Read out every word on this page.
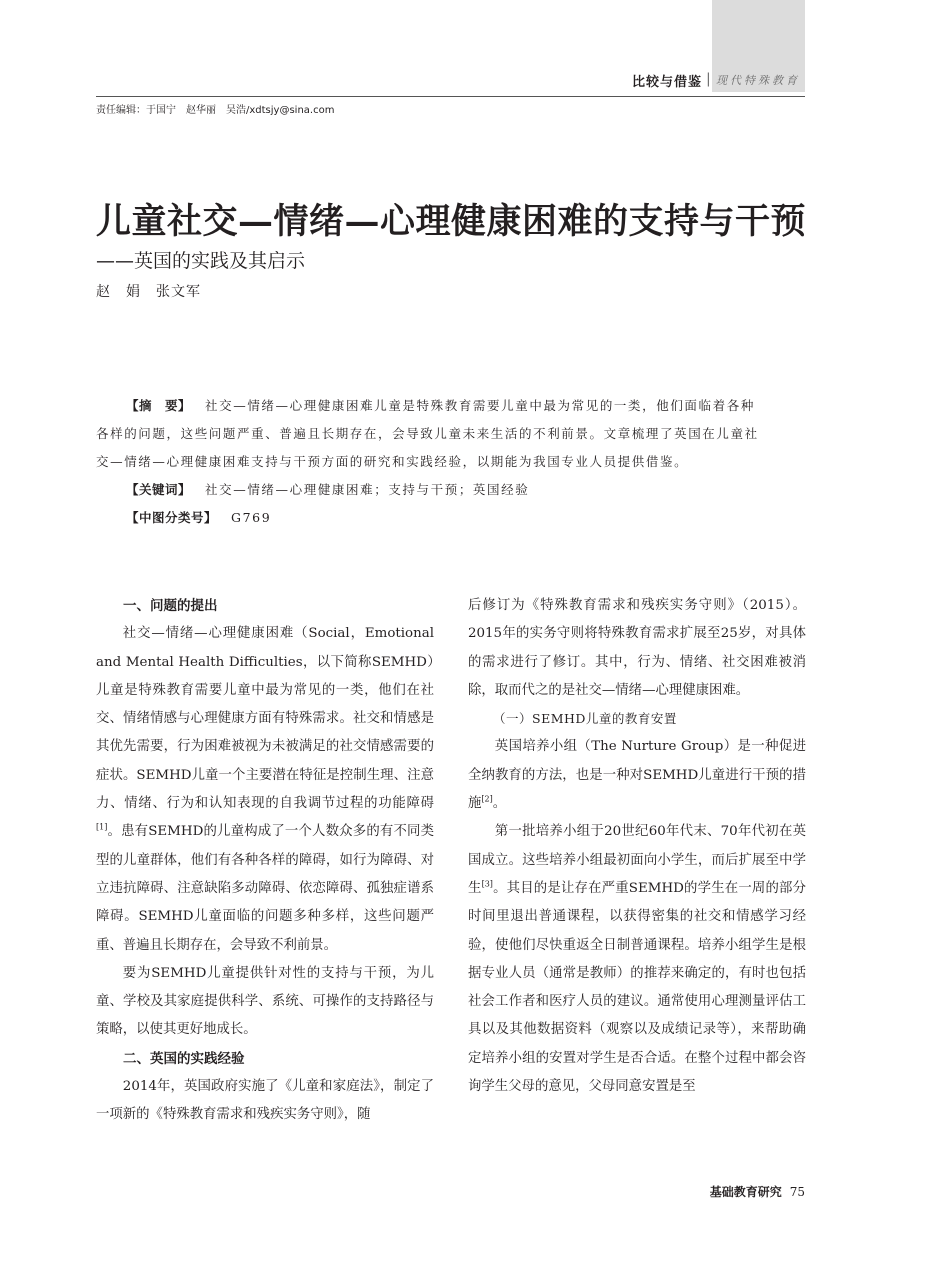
比较与借鉴 | 现代特殊教育
责任编辑：于国宁　赵华丽　吴浩/xdtsjy@sina.com
儿童社交—情绪—心理健康困难的支持与干预
——英国的实践及其启示
赵　娟　张文军
【摘　要】 社交—情绪—心理健康困难儿童是特殊教育需要儿童中最为常见的一类，他们面临着各种
各样的问题，这些问题严重、普遍且长期存在，会导致儿童未来生活的不利前景。文章梳理了英国在儿童社
交—情绪—心理健康困难支持与干预方面的研究和实践经验，以期能为我国专业人员提供借鉴。
【关键词】 社交—情绪—心理健康困难；支持与干预；英国经验
【中图分类号】 G769

一、问题的提出

社交—情绪—心理健康困难（Social，Emotional and Mental Health Difficulties，以下简称SEMHD）儿童是特殊教育需要儿童中最为常见的一类，他们在社交、情绪情感与心理健康方面有特殊需求。社交和情感是其优先需要，行为困难被视为未被满足的社交情感需要的症状。SEMHD儿童一个主要潜在特征是控制生理、注意力、情绪、行为和认知表现的自我调节过程的功能障碍[1]。患有SEMHD的儿童构成了一个人数众多的有不同类型的儿童群体，他们有各种各样的障碍，如行为障碍、对立违抗障碍、注意缺陷多动障碍、依恋障碍、孤独症谱系障碍。SEMHD儿童面临的问题多种多样，这些问题严重、普遍且长期存在，会导致不利前景。

要为SEMHD儿童提供针对性的支持与干预，为儿童、学校及其家庭提供科学、系统、可操作的支持路径与策略，以使其更好地成长。

二、英国的实践经验

2014年，英国政府实施了《儿童和家庭法》，制定了一项新的《特殊教育需求和残疾实务守则》，随

后修订为《特殊教育需求和残疾实务守则》（2015）。2015年的实务守则将特殊教育需求扩展至25岁，对具体的需求进行了修订。其中，行为、情绪、社交困难被消除，取而代之的是社交—情绪—心理健康困难。

（一）SEMHD儿童的教育安置

英国培养小组（The Nurture Group）是一种促进全纳教育的方法，也是一种对SEMHD儿童进行干预的措施[2]。

第一批培养小组于20世纪60年代末、70年代初在英国成立。这些培养小组最初面向小学生，而后扩展至中学生[3]。其目的是让存在严重SEMHD的学生在一周的部分时间里退出普通课程，以获得密集的社交和情感学习经验，使他们尽快重返全日制普通课程。培养小组学生是根据专业人员（通常是教师）的推荐来确定的，有时也包括社会工作者和医疗人员的建议。通常使用心理测量评估工具以及其他数据资料（观察以及成绩记录等），来帮助确定培养小组的安置对学生是否合适。在整个过程中都会咨询学生父母的意见，父母同意安置是至

基础教育研究 75
